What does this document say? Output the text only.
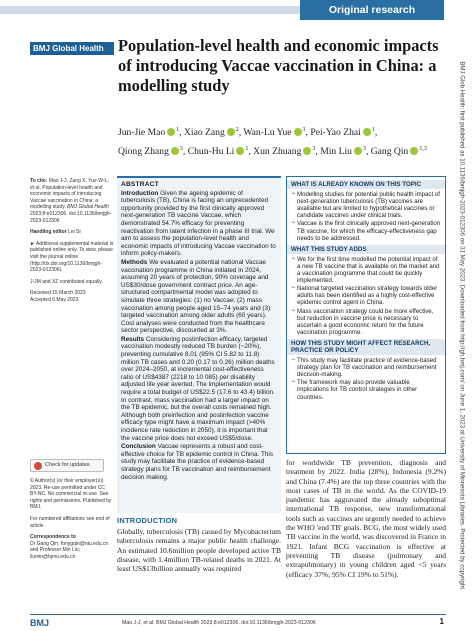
Original research
BMJ Global Health Population-level health and economic impacts of introducing Vaccae vaccination in China: a modelling study
Jun-Jie Mao $^1$, Xiao Zang $^2$, Wan-Lu Yue $^3$, Pei-Yao Zhai $^1$, Qiong Zhang $^3$, Chun-Hu Li $^1$, Xun Zhuang $^3$, Min Liu $^3$, Gang Qin $^{1,3}$
To cite: Mao J-J, Zang X, Yue W-L, et al. Population-level health and economic impacts of introducing Vaccae vaccination in China: a modelling study. BMJ Global Health 2023;8:e012306. doi:10.1136/bmjgh-2023-012306
Handling editor Lei Si
► Additional supplemental material is published online only. To view, please visit the journal online (http://dx.doi.org/10.1136/bmjgh-2023-012306).
J-JM and XZ contributed equally.
Received 15 March 2023
Accepted 6 May 2023
Check for updates
© Author(s) (or their employer(s)) 2023. Re-use permitted under CC BY-NC. No commercial re-use. See rights and permissions. Published by BMJ.
For numbered affiliations see end of article.
Correspondence to
Dr Gang Qin; fonygqin@ntu.edu.cn and Professor Min Liu; liumin@bjmu.edu.cn
ABSTRACT

Introduction Given the ageing epidemic of tuberculosis (TB), China is facing an unprecedented opportunity provided by the first clinically approved next-generation TB vaccine Vaccae, which demonstrated 54.7% efficacy for preventing reactivation from latent infection in a phase III trial. We aim to assess the population-level health and economic impacts of introducing Vaccae vaccination to inform policy-makers.

Methods We evaluated a potential national Vaccae vaccination programme in China initiated in 2024, assuming 20 years of protection, 90% coverage and US$30/dose government contract price. An age-structured compartmental model was adopted to simulate three strategies: (1) no Vaccae; (2) mass vaccination among people aged 15–74 years and (3) targeted vaccination among older adults (60 years). Cost analyses were conducted from the healthcare sector perspective, discounted at 3%.

Results Considering postinfection efficacy, targeted vaccination modestly reduced TB burden (~20%), preventing cumulative 8.01 (95% CI 5.82 to 11.8) million TB cases and 0.20 (0.17 to 0.26) million deaths over 2024–2050, at incremental cost-effectiveness ratio of US$4387 (2218 to 10 085) per disability adjusted life year averted. The implementation would require a total budget of US$22.5 (17.6 to 43.4) billion. In contrast, mass vaccination had a larger impact on the TB epidemic, but the overall costs remained high. Although both preinfection and postinfection vaccine efficacy type might have a maximum impact (>40% incidence rate reduction in 2050), it is important that the vaccine price does not exceed US$5/dose.

Conclusion Vaccae represents a robust and cost-effective choice for TB epidemic control in China. This study may facilitate the practice of evidence-based strategy plans for TB vaccination and reimbursement decision making.

WHAT IS ALREADY KNOWN ON THIS TOPIC
⇒ Modelling studies for potential public health impact of next-generation tuberculosis (TB) vaccines are available but are limited to hypothetical vaccines or candidate vaccines under clinical trials.
⇒ Vaccae is the first clinically approved next-generation TB vaccine, for which the efficacy-effectiveness gap needs to be addressed.
WHAT THIS STUDY ADDS
⇒ We for the first time modelled the potential impact of a new TB vaccine that is available on the market and a vaccination programme that could be quickly implemented.
⇒ National targeted vaccination strategy towards older adults has been identified as a highly cost-effective epidemic control agent in China.
⇒ Mass vaccination strategy could be more effective, but reduction in vaccine price is necessary to ascertain a good economic return for the future vaccination programme.
HOW THIS STUDY MIGHT AFFECT RESEARCH, PRACTICE OR POLICY
⇒ This study may facilitate practice of evidence-based strategy plan for TB vaccination and reimbursement decision-making.
⇒ The framework may also provide valuable implications for TB control strategies in other countries.
INTRODUCTION

Globally, tuberculosis (TB) caused by Mycobacterium tuberculosis remains a major public health challenge. An estimated 10.6million people developed active TB disease, with 1.4million TB-related deaths in 2021. At least US$13billion annually was required

for worldwide TB prevention, diagnosis and treatment by 2022. India (28%), Indonesia (9.2%) and China (7.4%) are the top three countries with the most cases of TB in the world. As the COVID-19 pandemic has aggravated the already suboptimal international TB response, new transformational tools such as vaccines are urgently needed to achieve the WHO 'end TB' goals. BCG, the most widely used TB vaccine in the world, was discovered in France in 1921. Infant BCG vaccination is effective at preventing TB disease (pulmonary and extrapulmonary) in young children aged <5 years (efficacy 37%; 95% CI 19% to 51%).

BMJ	Mao J-J, et al. BMJ Global Health 2023;8:e012306. doi:10.1136/bmjgh-2023-012306	1
BMJ Glob Health: first published as 10.1136/bmjgh-2023-012306 on 31 May 2023. Downloaded from http://gh.bmj.com/ on June 1, 2023 at University of Minnesota Libraries. Protected by copyright.
